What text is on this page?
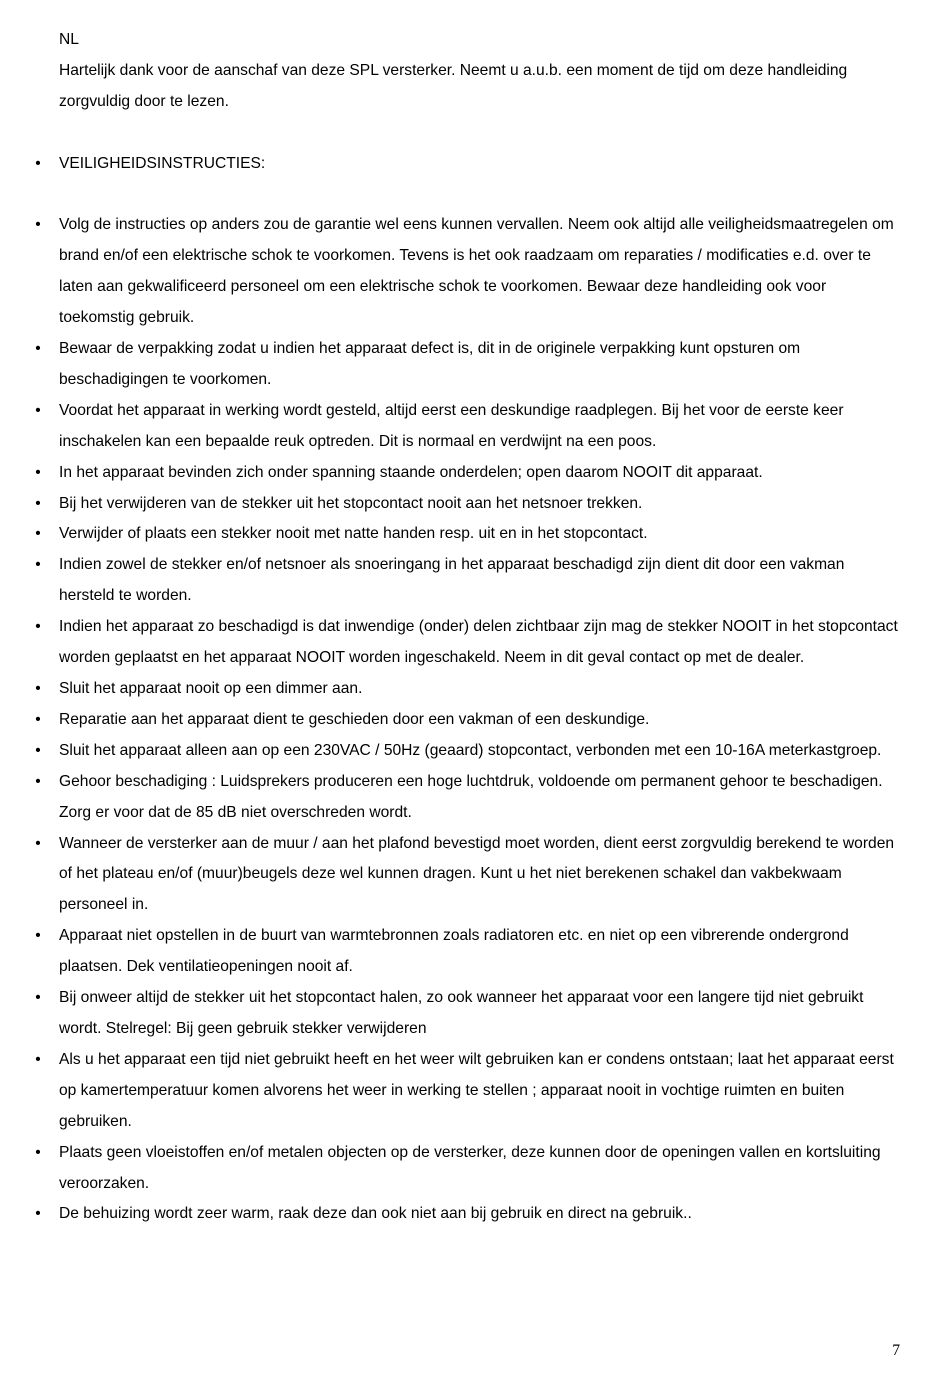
NL

Hartelijk dank voor de aanschaf van deze SPL versterker. Neemt u a.u.b. een moment de tijd om deze handleiding zorgvuldig door te lezen.

• VEILIGHEIDSINSTRUCTIES:
• Volg de instructies op anders zou de garantie wel eens kunnen vervallen. Neem ook altijd alle veiligheidsmaatregelen om brand en/of een elektrische schok te voorkomen. Tevens is het ook raadzaam om reparaties / modificaties e.d. over te laten aan gekwalificeerd personeel om een elektrische schok te voorkomen. Bewaar deze handleiding ook voor toekomstig gebruik.
• Bewaar de verpakking zodat u indien het apparaat defect is, dit in de originele verpakking kunt opsturen om beschadigingen te voorkomen.
• Voordat het apparaat in werking wordt gesteld, altijd eerst een deskundige raadplegen. Bij het voor de eerste keer inschakelen kan een bepaalde reuk optreden. Dit is normaal en verdwijnt na een poos.
• In het apparaat bevinden zich onder spanning staande onderdelen; open daarom NOOIT dit apparaat.
• Bij het verwijderen van de stekker uit het stopcontact nooit aan het netsnoer trekken.
• Verwijder of plaats een stekker nooit met natte handen resp. uit en in het stopcontact.
• Indien zowel de stekker en/of netsnoer als snoeringang in het apparaat beschadigd zijn dient dit door een vakman hersteld te worden.
• Indien het apparaat zo beschadigd is dat inwendige (onder) delen zichtbaar zijn mag de stekker NOOIT in het stopcontact worden geplaatst en het apparaat NOOIT worden ingeschakeld. Neem in dit geval contact op met de dealer.
• Sluit het apparaat nooit op een dimmer aan.
• Reparatie aan het apparaat dient te geschieden door een vakman of een deskundige.
• Sluit het apparaat alleen aan op een 230VAC / 50Hz (geaard) stopcontact, verbonden met een 10-16A meterkastgroep.
• Gehoor beschadiging : Luidsprekers produceren een hoge luchtdruk, voldoende om permanent gehoor te beschadigen. Zorg er voor dat de 85 dB niet overschreden wordt.
• Wanneer de versterker aan de muur / aan het plafond bevestigd moet worden, dient eerst zorgvuldig berekend te worden of het plateau en/of (muur)beugels deze wel kunnen dragen. Kunt u het niet berekenen schakel dan vakbekwaam personeel in.
• Apparaat niet opstellen in de buurt van warmtebronnen zoals radiatoren etc. en niet op een vibrerende ondergrond plaatsen. Dek ventilatieopeningen nooit af.
• Bij onweer altijd de stekker uit het stopcontact halen, zo ook wanneer het apparaat voor een langere tijd niet gebruikt wordt. Stelregel: Bij geen gebruik stekker verwijderen
• Als u het apparaat een tijd niet gebruikt heeft en het weer wilt gebruiken kan er condens ontstaan; laat het apparaat eerst op kamertemperatuur komen alvorens het weer in werking te stellen ; apparaat nooit in vochtige ruimten en buiten gebruiken.
• Plaats geen vloeistoffen en/of metalen objecten op de versterker, deze kunnen door de openingen vallen en kortsluiting veroorzaken.
• De behuizing wordt zeer warm, raak deze dan ook niet aan bij gebruik en direct na gebruik..
7
